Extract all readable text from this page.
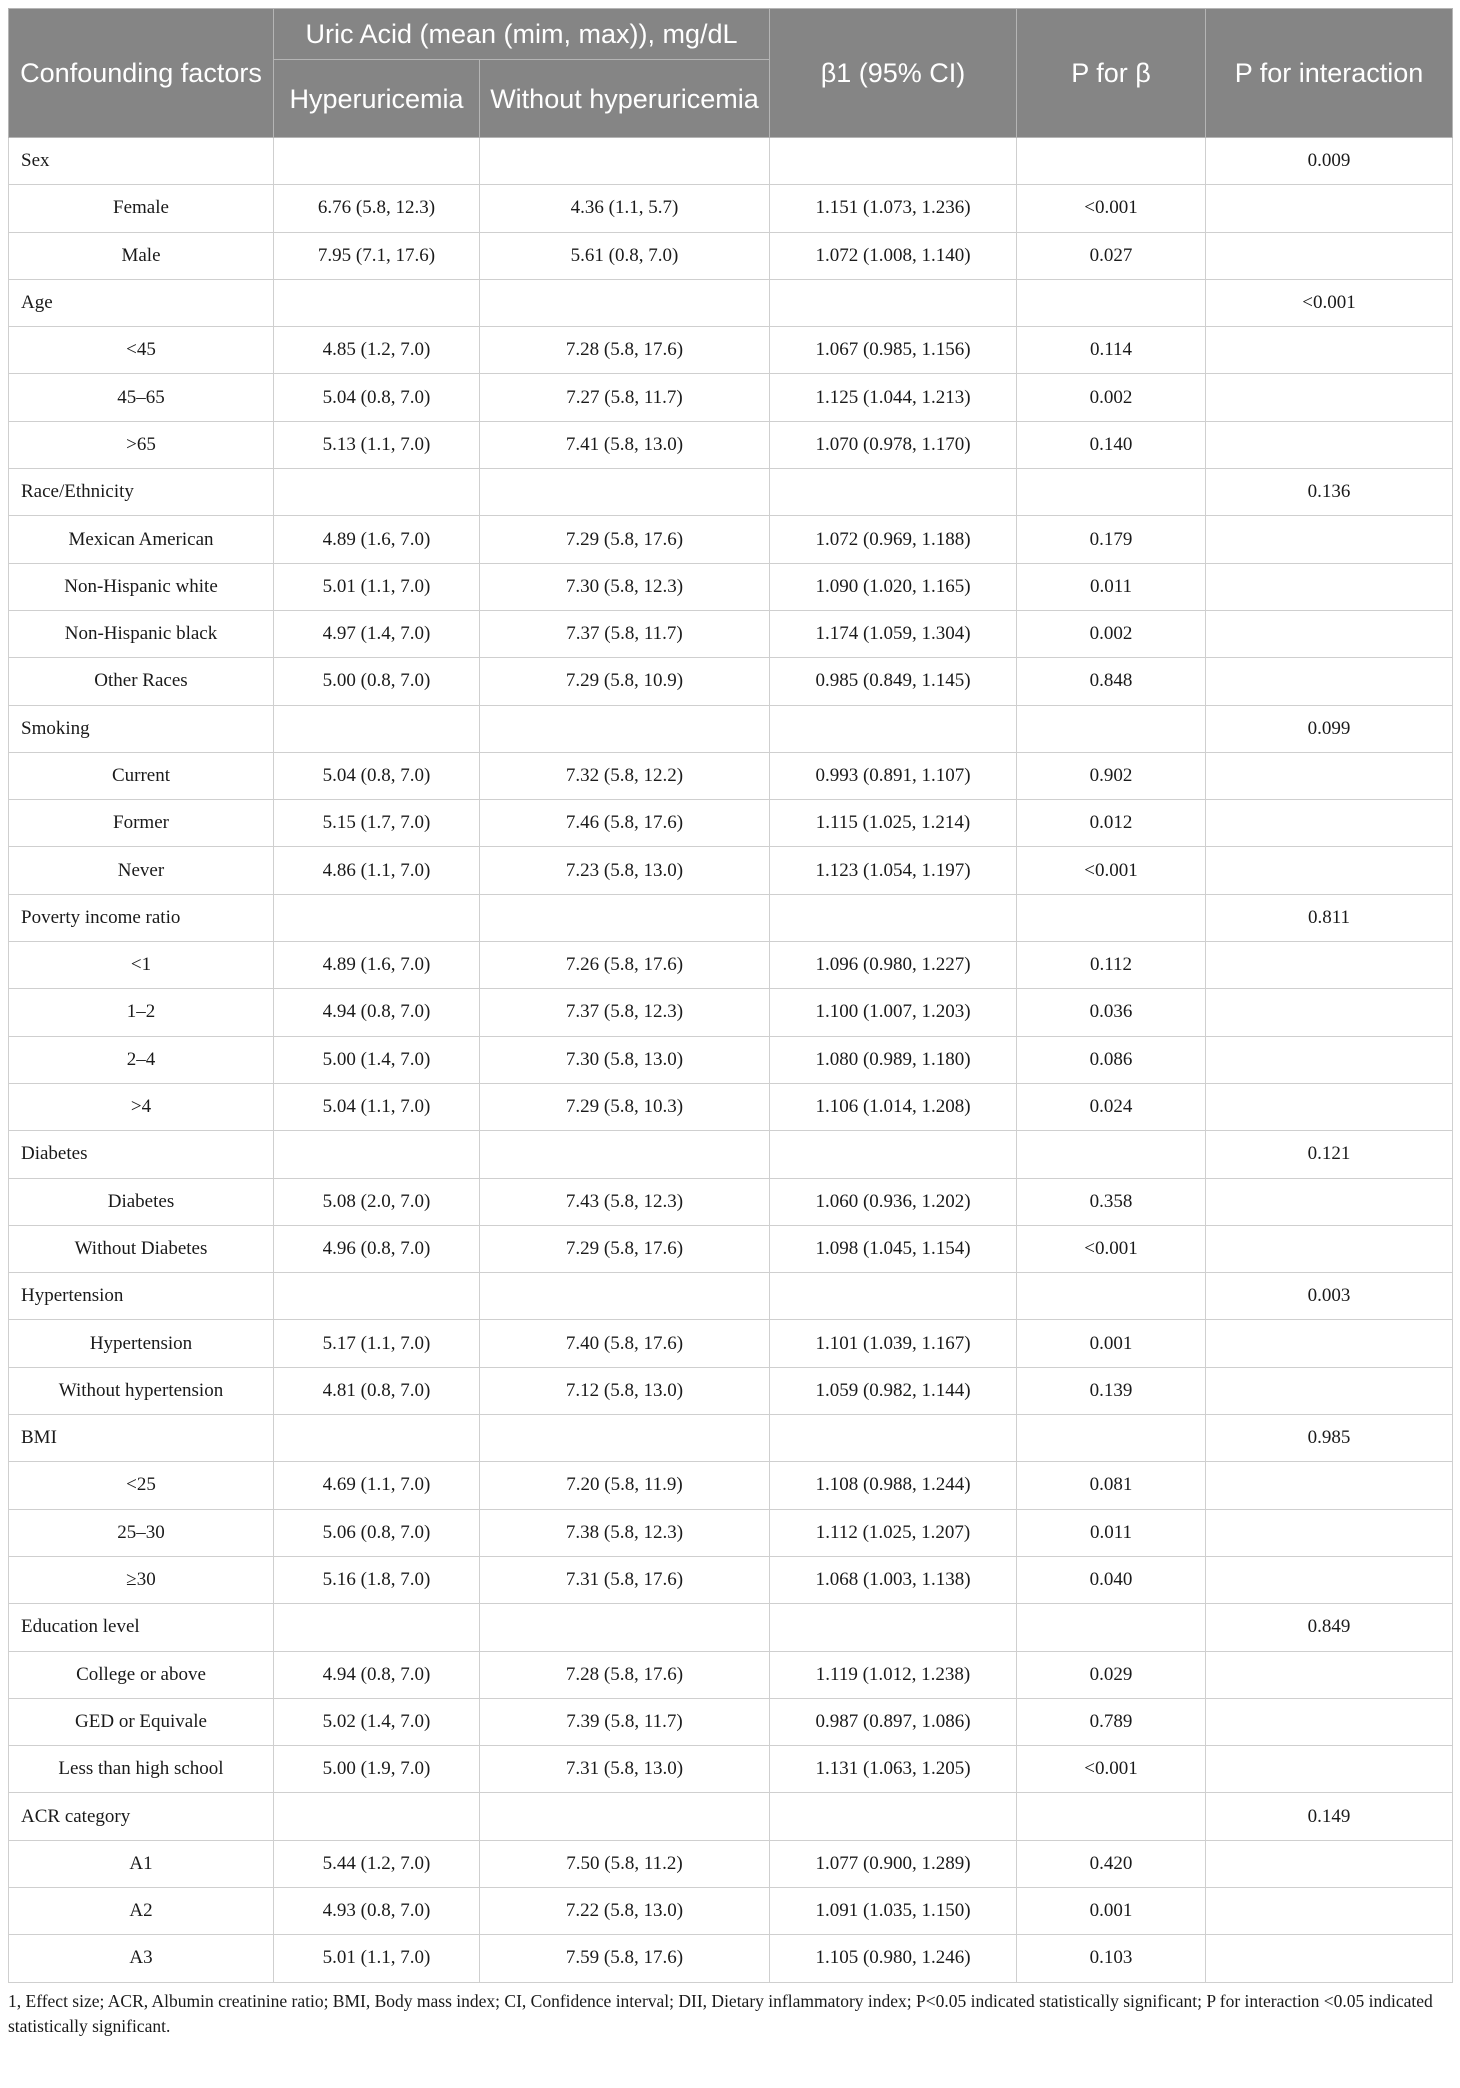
Confounding factors	Uric Acid (mean (mim, max)), mg/dL		β1 (95% CI)	P for β	P for interaction
	Hyperuricemia	Without hyperuricemia			
Sex					0.009
Female	6.76 (5.8, 12.3)	4.36 (1.1, 5.7)	1.151 (1.073, 1.236)	<0.001	
Male	7.95 (7.1, 17.6)	5.61 (0.8, 7.0)	1.072 (1.008, 1.140)	0.027	
Age					<0.001
<45	4.85 (1.2, 7.0)	7.28 (5.8, 17.6)	1.067 (0.985, 1.156)	0.114	
45–65	5.04 (0.8, 7.0)	7.27 (5.8, 11.7)	1.125 (1.044, 1.213)	0.002	
>65	5.13 (1.1, 7.0)	7.41 (5.8, 13.0)	1.070 (0.978, 1.170)	0.140	
Race/Ethnicity					0.136
Mexican American	4.89 (1.6, 7.0)	7.29 (5.8, 17.6)	1.072 (0.969, 1.188)	0.179	
Non-Hispanic white	5.01 (1.1, 7.0)	7.30 (5.8, 12.3)	1.090 (1.020, 1.165)	0.011	
Non-Hispanic black	4.97 (1.4, 7.0)	7.37 (5.8, 11.7)	1.174 (1.059, 1.304)	0.002	
Other Races	5.00 (0.8, 7.0)	7.29 (5.8, 10.9)	0.985 (0.849, 1.145)	0.848	
Smoking					0.099
Current	5.04 (0.8, 7.0)	7.32 (5.8, 12.2)	0.993 (0.891, 1.107)	0.902	
Former	5.15 (1.7, 7.0)	7.46 (5.8, 17.6)	1.115 (1.025, 1.214)	0.012	
Never	4.86 (1.1, 7.0)	7.23 (5.8, 13.0)	1.123 (1.054, 1.197)	<0.001	
Poverty income ratio					0.811
<1	4.89 (1.6, 7.0)	7.26 (5.8, 17.6)	1.096 (0.980, 1.227)	0.112	
1–2	4.94 (0.8, 7.0)	7.37 (5.8, 12.3)	1.100 (1.007, 1.203)	0.036	
2–4	5.00 (1.4, 7.0)	7.30 (5.8, 13.0)	1.080 (0.989, 1.180)	0.086	
>4	5.04 (1.1, 7.0)	7.29 (5.8, 10.3)	1.106 (1.014, 1.208)	0.024	
Diabetes					0.121
Diabetes	5.08 (2.0, 7.0)	7.43 (5.8, 12.3)	1.060 (0.936, 1.202)	0.358	
Without Diabetes	4.96 (0.8, 7.0)	7.29 (5.8, 17.6)	1.098 (1.045, 1.154)	<0.001	
Hypertension					0.003
Hypertension	5.17 (1.1, 7.0)	7.40 (5.8, 17.6)	1.101 (1.039, 1.167)	0.001	
Without hypertension	4.81 (0.8, 7.0)	7.12 (5.8, 13.0)	1.059 (0.982, 1.144)	0.139	
BMI					0.985
<25	4.69 (1.1, 7.0)	7.20 (5.8, 11.9)	1.108 (0.988, 1.244)	0.081	
25–30	5.06 (0.8, 7.0)	7.38 (5.8, 12.3)	1.112 (1.025, 1.207)	0.011	
≥30	5.16 (1.8, 7.0)	7.31 (5.8, 17.6)	1.068 (1.003, 1.138)	0.040	
Education level					0.849
College or above	4.94 (0.8, 7.0)	7.28 (5.8, 17.6)	1.119 (1.012, 1.238)	0.029	
GED or Equivale	5.02 (1.4, 7.0)	7.39 (5.8, 11.7)	0.987 (0.897, 1.086)	0.789	
Less than high school	5.00 (1.9, 7.0)	7.31 (5.8, 13.0)	1.131 (1.063, 1.205)	<0.001	
ACR category					0.149
A1	5.44 (1.2, 7.0)	7.50 (5.8, 11.2)	1.077 (0.900, 1.289)	0.420	
A2	4.93 (0.8, 7.0)	7.22 (5.8, 13.0)	1.091 (1.035, 1.150)	0.001	
A3	5.01 (1.1, 7.0)	7.59 (5.8, 17.6)	1.105 (0.980, 1.246)	0.103	
1, Effect size; ACR, Albumin creatinine ratio; BMI, Body mass index; CI, Confidence interval; DII, Dietary inflammatory index; P<0.05 indicated statistically significant; P for interaction <0.05 indicated statistically significant.
